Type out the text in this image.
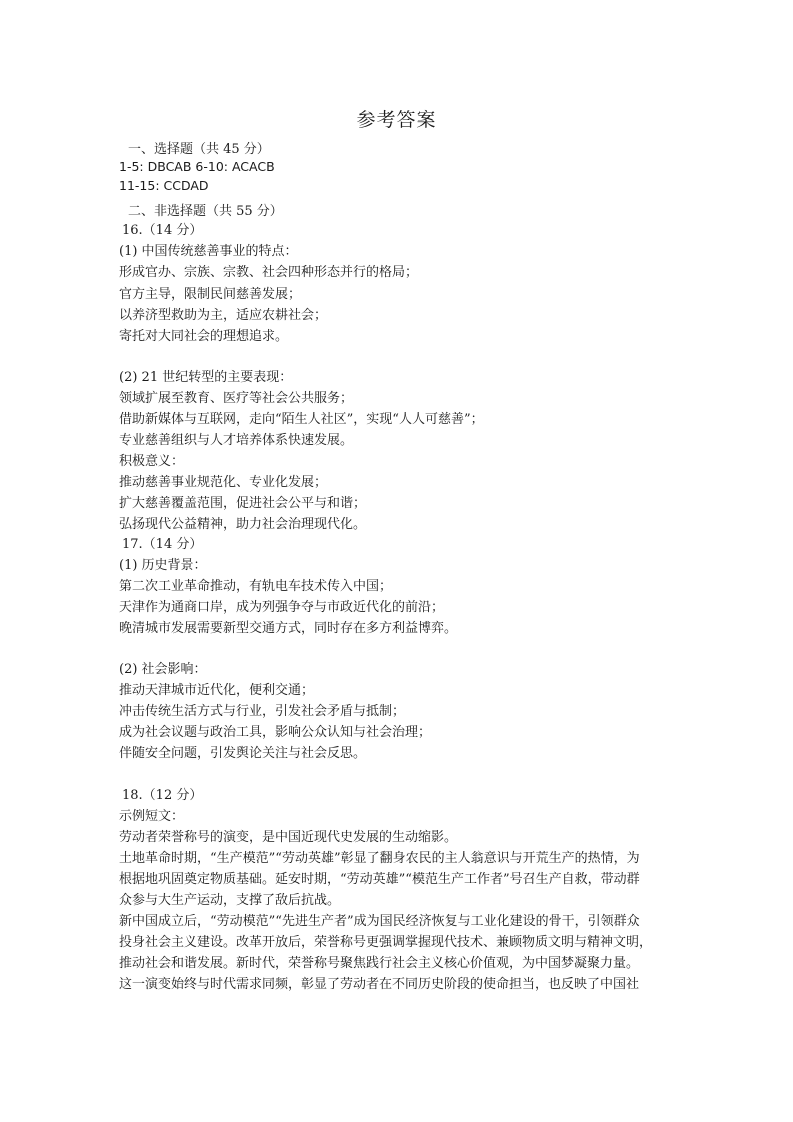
参考答案
一、选择题（共 45 分）
1-5: DBCAB 6-10: ACACB
11-15: CCDAD
二、非选择题（共 55 分）
16.（14 分）
(1) 中国传统慈善事业的特点：
形成官办、宗族、宗教、社会四种形态并行的格局；
官方主导，限制民间慈善发展；
以养济型救助为主，适应农耕社会；
寄托对大同社会的理想追求。
(2) 21 世纪转型的主要表现：
领域扩展至教育、医疗等社会公共服务；
借助新媒体与互联网，走向“陌生人社区”，实现“人人可慈善”；
专业慈善组织与人才培养体系快速发展。
积极意义：
推动慈善事业规范化、专业化发展；
扩大慈善覆盖范围，促进社会公平与和谐；
弘扬现代公益精神，助力社会治理现代化。
17.（14 分）
(1) 历史背景：
第二次工业革命推动，有轨电车技术传入中国；
天津作为通商口岸，成为列强争夺与市政近代化的前沿；
晚清城市发展需要新型交通方式，同时存在多方利益博弈。
(2) 社会影响：
推动天津城市近代化，便利交通；
冲击传统生活方式与行业，引发社会矛盾与抵制；
成为社会议题与政治工具，影响公众认知与社会治理；
伴随安全问题，引发舆论关注与社会反思。
18.（12 分）
示例短文：
劳动者荣誉称号的演变，是中国近现代史发展的生动缩影。
土地革命时期，“生产模范”“劳动英雄”彰显了翻身农民的主人翁意识与开荒生产的热情，为
根据地巩固奠定物质基础。延安时期，“劳动英雄”“模范生产工作者”号召生产自救，带动群
众参与大生产运动，支撑了敌后抗战。
新中国成立后，“劳动模范”“先进生产者”成为国民经济恢复与工业化建设的骨干，引领群众
投身社会主义建设。改革开放后，荣誉称号更强调掌握现代技术、兼顾物质文明与精神文明，
推动社会和谐发展。新时代，荣誉称号聚焦践行社会主义核心价值观，为中国梦凝聚力量。
这一演变始终与时代需求同频，彰显了劳动者在不同历史阶段的使命担当，也反映了中国社
